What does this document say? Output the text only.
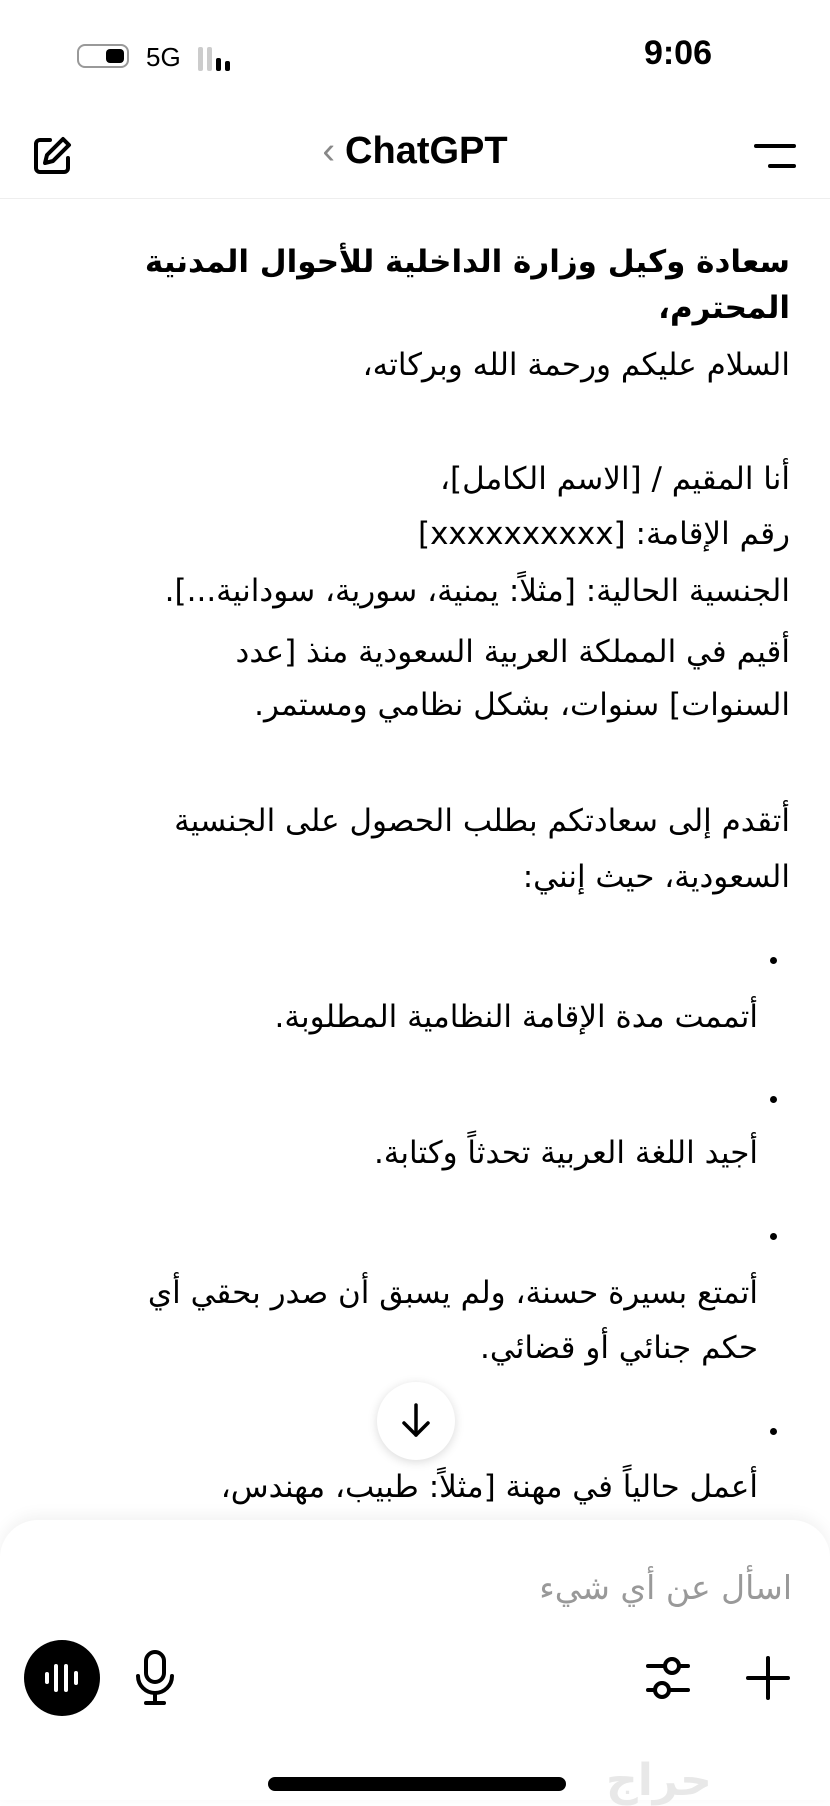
5G	9:06
‹ ChatGPT
سعادة وكيل وزارة الداخلية للأحوال المدنية
المحترم،
السلام عليكم ورحمة الله وبركاته،
أنا المقيم / [الاسم الكامل]،
رقم الإقامة: [xxxxxxxxxx]
الجنسية الحالية: [مثلاً: يمنية، سورية، سودانية...].
أقيم في المملكة العربية السعودية منذ [عدد
السنوات] سنوات، بشكل نظامي ومستمر.
أتقدم إلى سعادتكم بطلب الحصول على الجنسية
السعودية، حيث إنني:
أتممت مدة الإقامة النظامية المطلوبة.
أجيد اللغة العربية تحدثاً وكتابة.
أتمتع بسيرة حسنة، ولم يسبق أن صدر بحقي أي
حكم جنائي أو قضائي.
أعمل حالياً في مهنة [مثلاً: طبيب، مهندس،
اسأل عن أي شيء
حراج
